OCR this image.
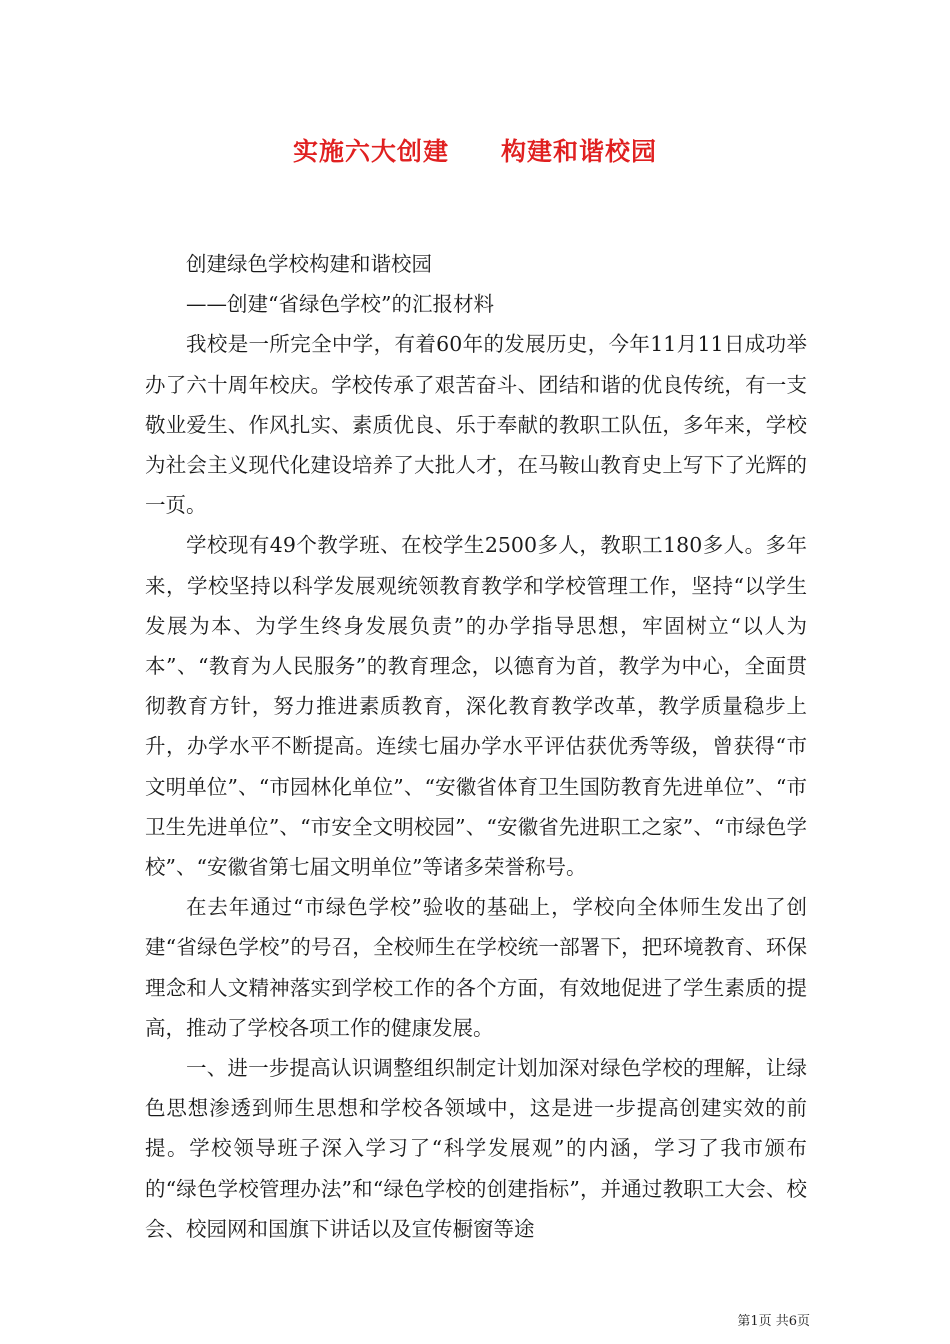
实施六大创建　　构建和谐校园

创建绿色学校构建和谐校园

——创建“省绿色学校”的汇报材料

我校是一所完全中学，有着60年的发展历史，今年11月11日成功举办了六十周年校庆。学校传承了艰苦奋斗、团结和谐的优良传统，有一支敬业爱生、作风扎实、素质优良、乐于奉献的教职工队伍，多年来，学校为社会主义现代化建设培养了大批人才，在马鞍山教育史上写下了光辉的一页。

学校现有49个教学班、在校学生2500多人，教职工180多人。多年来，学校坚持以科学发展观统领教育教学和学校管理工作，坚持“以学生发展为本、为学生终身发展负责”的办学指导思想，牢固树立“以人为本”、“教育为人民服务”的教育理念，以德育为首，教学为中心，全面贯彻教育方针，努力推进素质教育，深化教育教学改革，教学质量稳步上升，办学水平不断提高。连续七届办学水平评估获优秀等级，曾获得“市文明单位”、“市园林化单位”、“安徽省体育卫生国防教育先进单位”、“市卫生先进单位”、“市安全文明校园”、“安徽省先进职工之家”、“市绿色学校”、“安徽省第七届文明单位”等诸多荣誉称号。

在去年通过“市绿色学校”验收的基础上，学校向全体师生发出了创建“省绿色学校”的号召，全校师生在学校统一部署下，把环境教育、环保理念和人文精神落实到学校工作的各个方面，有效地促进了学生素质的提高，推动了学校各项工作的健康发展。

一、进一步提高认识调整组织制定计划加深对绿色学校的理解，让绿色思想渗透到师生思想和学校各领域中，这是进一步提高创建实效的前提。学校领导班子深入学习了“科学发展观”的内涵，学习了我市颁布的“绿色学校管理办法”和“绿色学校的创建指标”，并通过教职工大会、校会、校园网和国旗下讲话以及宣传橱窗等途

第1页 共6页
